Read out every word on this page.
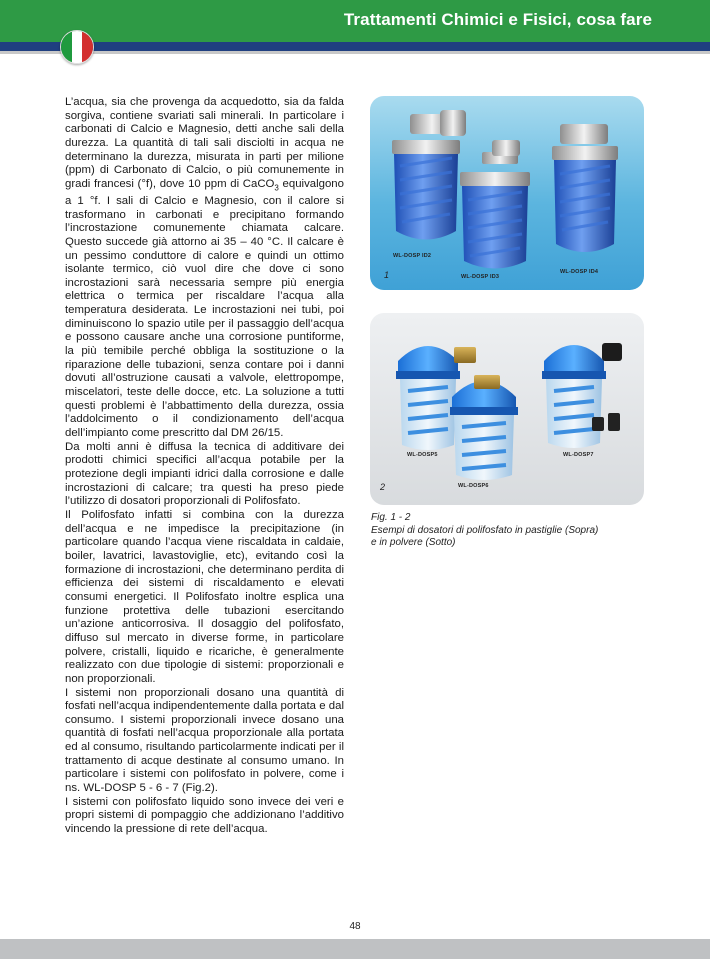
Trattamenti Chimici e Fisici, cosa fare

L’acqua, sia che provenga da acquedotto, sia da falda sorgiva, contiene svariati sali minerali. In particolare i carbonati di Calcio e Magnesio, detti anche sali della durezza. La quantità di tali sali disciolti in acqua ne determinano la durezza, misurata in parti per milione (ppm) di Carbonato di Calcio, o più comunemente in gradi francesi (°f), dove 10 ppm di CaCO$_3$ equivalgono a 1 °f. I sali di Calcio e Magnesio, con il calore si trasformano in carbonati e precipitano formando l’incrostazione comunemente chiamata calcare. Questo succede già attorno ai 35 – 40 °C. Il calcare è un pessimo conduttore di calore e quindi un ottimo isolante termico, ciò vuol dire che dove ci sono incrostazioni sarà necessaria sempre più energia elettrica o termica per riscaldare l’acqua alla temperatura desiderata. Le incrostazioni nei tubi, poi diminuiscono lo spazio utile per il passaggio dell’acqua e possono causare anche una corrosione puntiforme, la più temibile perché obbliga la sostituzione o la riparazione delle tubazioni, senza contare poi i danni dovuti all’ostruzione causati a valvole, elettropompe, miscelatori, teste delle docce, etc. La soluzione a tutti questi problemi è l’abbattimento della durezza, ossia l’addolcimento o il condizionamento dell’acqua dell’impianto come prescritto dal DM 26/15.

Da molti anni è diffusa la tecnica di additivare dei prodotti chimici specifici all’acqua potabile per la protezione degli impianti idrici dalla corrosione e dalle incrostazioni di calcare; tra questi ha preso piede l’utilizzo di dosatori proporzionali di Polifosfato.

Il Polifosfato infatti si combina con la durezza dell’acqua e ne impedisce la precipitazione (in particolare quando l’acqua viene riscaldata in caldaie, boiler, lavatrici, lavastoviglie, etc), evitando così la formazione di incrostazioni, che determinano perdita di efficienza dei sistemi di riscaldamento e elevati consumi energetici. Il Polifosfato inoltre esplica una funzione protettiva delle tubazioni esercitando un’azione anticorrosiva. Il dosaggio del polifosfato, diffuso sul mercato in diverse forme, in particolare polvere, cristalli, liquido e ricariche, è generalmente realizzato con due tipologie di sistemi: proporzionali e non proporzionali.

I sistemi non proporzionali dosano una quantità di fosfati nell’acqua indipendentemente dalla portata e dal consumo. I sistemi proporzionali invece dosano una quantità di fosfati nell’acqua proporzionale alla portata ed al consumo, risultando particolarmente indicati per il trattamento di acque destinate al consumo umano. In particolare i sistemi con polifosfato in polvere, come i ns. WL-DOSP 5 - 6 - 7 (Fig.2).

I sistemi con polifosfato liquido sono invece dei veri e propri sistemi di pompaggio che addizionano l’additivo vincendo la pressione di rete dell’acqua.

WL-DOSP ID2
WL-DOSP ID3
WL-DOSP ID4
1
WL-DOSP5
WL-DOSP6
WL-DOSP7
2
Fig. 1 - 2
Esempi di dosatori di polifosfato in pastiglie (Sopra)
e in polvere (Sotto)
48
